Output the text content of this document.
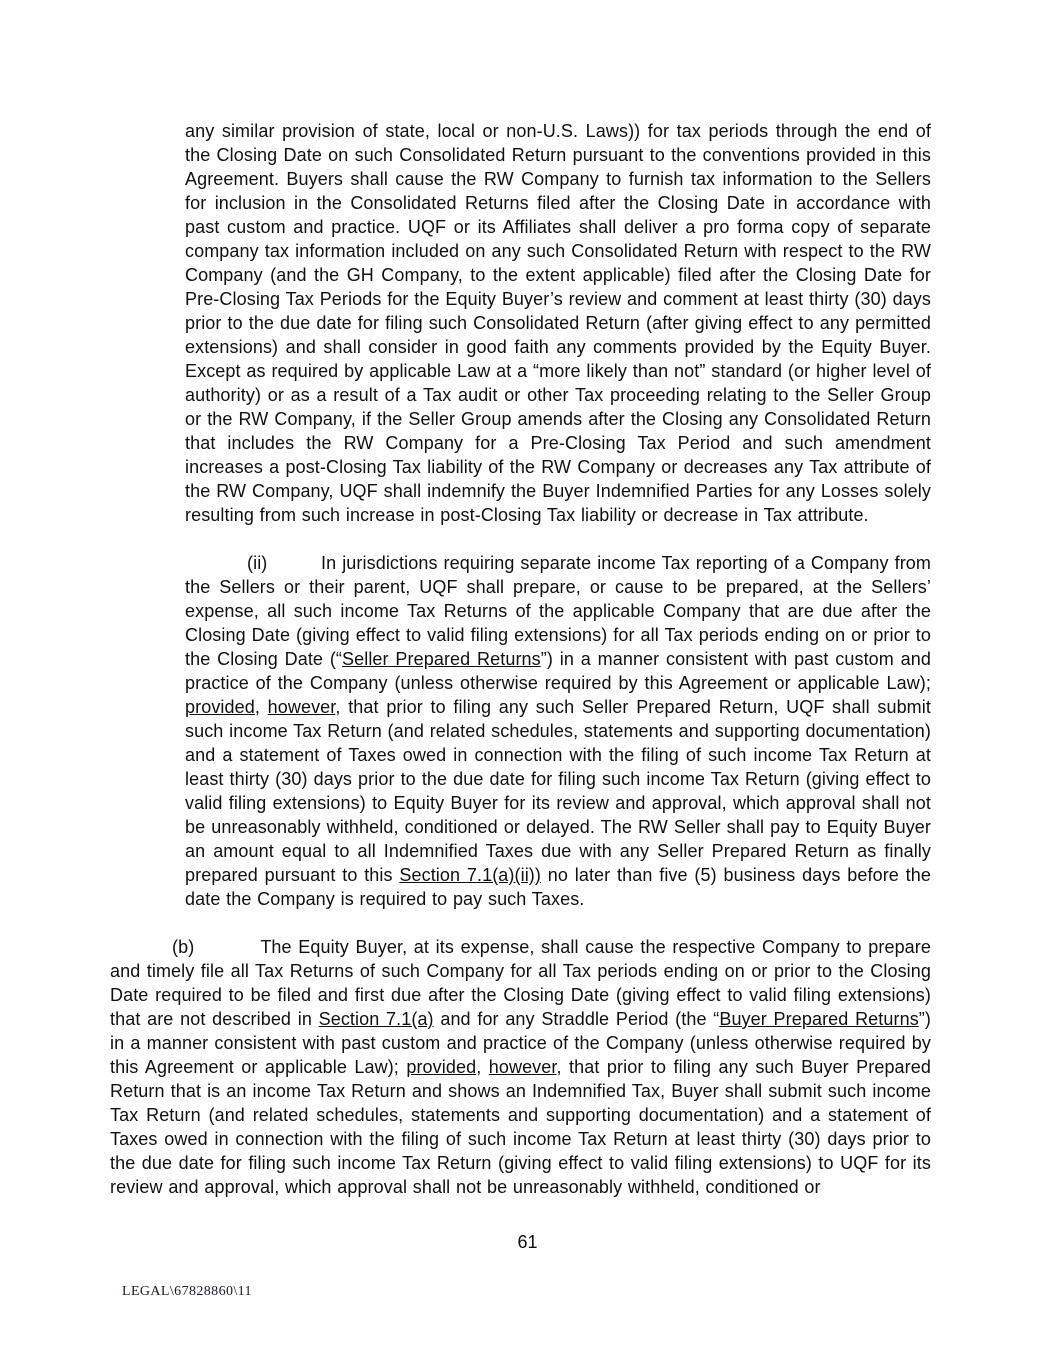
any similar provision of state, local or non-U.S. Laws)) for tax periods through the end of the Closing Date on such Consolidated Return pursuant to the conventions provided in this Agreement. Buyers shall cause the RW Company to furnish tax information to the Sellers for inclusion in the Consolidated Returns filed after the Closing Date in accordance with past custom and practice. UQF or its Affiliates shall deliver a pro forma copy of separate company tax information included on any such Consolidated Return with respect to the RW Company (and the GH Company, to the extent applicable) filed after the Closing Date for Pre-Closing Tax Periods for the Equity Buyer’s review and comment at least thirty (30) days prior to the due date for filing such Consolidated Return (after giving effect to any permitted extensions) and shall consider in good faith any comments provided by the Equity Buyer. Except as required by applicable Law at a “more likely than not” standard (or higher level of authority) or as a result of a Tax audit or other Tax proceeding relating to the Seller Group or the RW Company, if the Seller Group amends after the Closing any Consolidated Return that includes the RW Company for a Pre-Closing Tax Period and such amendment increases a post-Closing Tax liability of the RW Company or decreases any Tax attribute of the RW Company, UQF shall indemnify the Buyer Indemnified Parties for any Losses solely resulting from such increase in post-Closing Tax liability or decrease in Tax attribute.

(ii)         In jurisdictions requiring separate income Tax reporting of a Company from the Sellers or their parent, UQF shall prepare, or cause to be prepared, at the Sellers’ expense, all such income Tax Returns of the applicable Company that are due after the Closing Date (giving effect to valid filing extensions) for all Tax periods ending on or prior to the Closing Date (“Seller Prepared Returns”) in a manner consistent with past custom and practice of the Company (unless otherwise required by this Agreement or applicable Law); provided, however, that prior to filing any such Seller Prepared Return, UQF shall submit such income Tax Return (and related schedules, statements and supporting documentation) and a statement of Taxes owed in connection with the filing of such income Tax Return at least thirty (30) days prior to the due date for filing such income Tax Return (giving effect to valid filing extensions) to Equity Buyer for its review and approval, which approval shall not be unreasonably withheld, conditioned or delayed. The RW Seller shall pay to Equity Buyer an amount equal to all Indemnified Taxes due with any Seller Prepared Return as finally prepared pursuant to this Section 7.1(a)(ii)) no later than five (5) business days before the date the Company is required to pay such Taxes.

(b)          The Equity Buyer, at its expense, shall cause the respective Company to prepare and timely file all Tax Returns of such Company for all Tax periods ending on or prior to the Closing Date required to be filed and first due after the Closing Date (giving effect to valid filing extensions) that are not described in Section 7.1(a) and for any Straddle Period (the “Buyer Prepared Returns”) in a manner consistent with past custom and practice of the Company (unless otherwise required by this Agreement or applicable Law); provided, however, that prior to filing any such Buyer Prepared Return that is an income Tax Return and shows an Indemnified Tax, Buyer shall submit such income Tax Return (and related schedules, statements and supporting documentation) and a statement of Taxes owed in connection with the filing of such income Tax Return at least thirty (30) days prior to the due date for filing such income Tax Return (giving effect to valid filing extensions) to UQF for its review and approval, which approval shall not be unreasonably withheld, conditioned or

61
LEGAL\67828860\11
